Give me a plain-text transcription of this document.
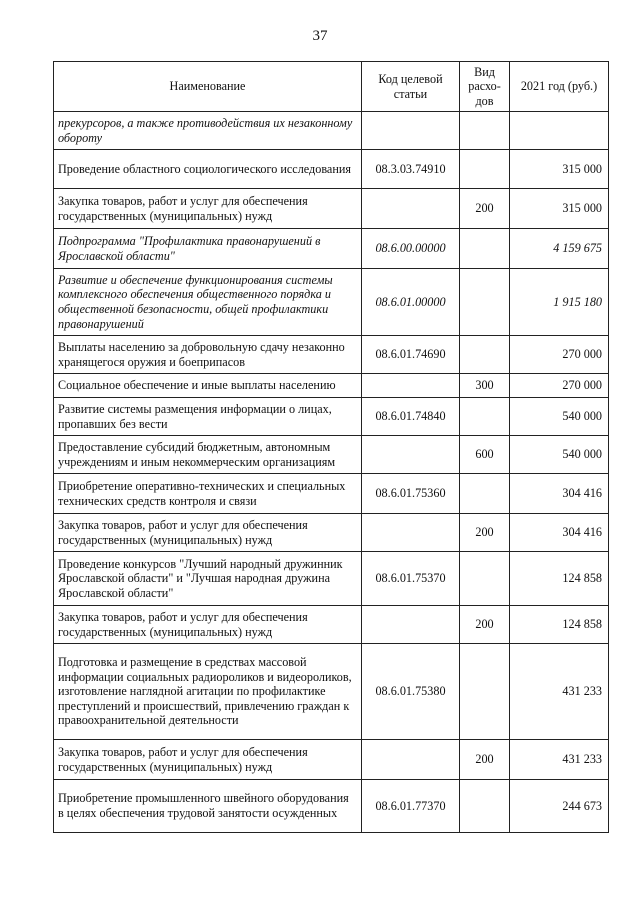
37
Наименование	Код целевой статьи	Вид расхо-дов	2021 год (руб.)
прекурсоров, а также противодействия их незаконному обороту			
Проведение областного социологического исследования	08.3.03.74910		315 000
Закупка товаров, работ и услуг для обеспечения государственных (муниципальных) нужд		200	315 000
Подпрограмма "Профилактика правонарушений в Ярославской области"	08.6.00.00000		4 159 675
Развитие и обеспечение функционирования системы комплексного обеспечения общественного порядка и общественной безопасности, общей профилактики правонарушений	08.6.01.00000		1 915 180
Выплаты населению за добровольную сдачу незаконно хранящегося оружия и боеприпасов	08.6.01.74690		270 000
Социальное обеспечение и иные выплаты населению		300	270 000
Развитие системы размещения информации о лицах, пропавших без вести	08.6.01.74840		540 000
Предоставление субсидий бюджетным, автономным учреждениям и иным некоммерческим организациям		600	540 000
Приобретение оперативно-технических и специальных технических средств контроля и связи	08.6.01.75360		304 416
Закупка товаров, работ и услуг для обеспечения государственных (муниципальных) нужд		200	304 416
Проведение конкурсов "Лучший народный дружинник Ярославской области" и "Лучшая народная дружина Ярославской области"	08.6.01.75370		124 858
Закупка товаров, работ и услуг для обеспечения государственных (муниципальных) нужд		200	124 858
Подготовка и размещение в средствах массовой информации социальных радиороликов и видеороликов, изготовление наглядной агитации по профилактике преступлений и происшествий, привлечению граждан к правоохранительной деятельности	08.6.01.75380		431 233
Закупка товаров, работ и услуг для обеспечения государственных (муниципальных) нужд		200	431 233
Приобретение промышленного швейного оборудования в целях обеспечения трудовой занятости осужденных	08.6.01.77370		244 673
